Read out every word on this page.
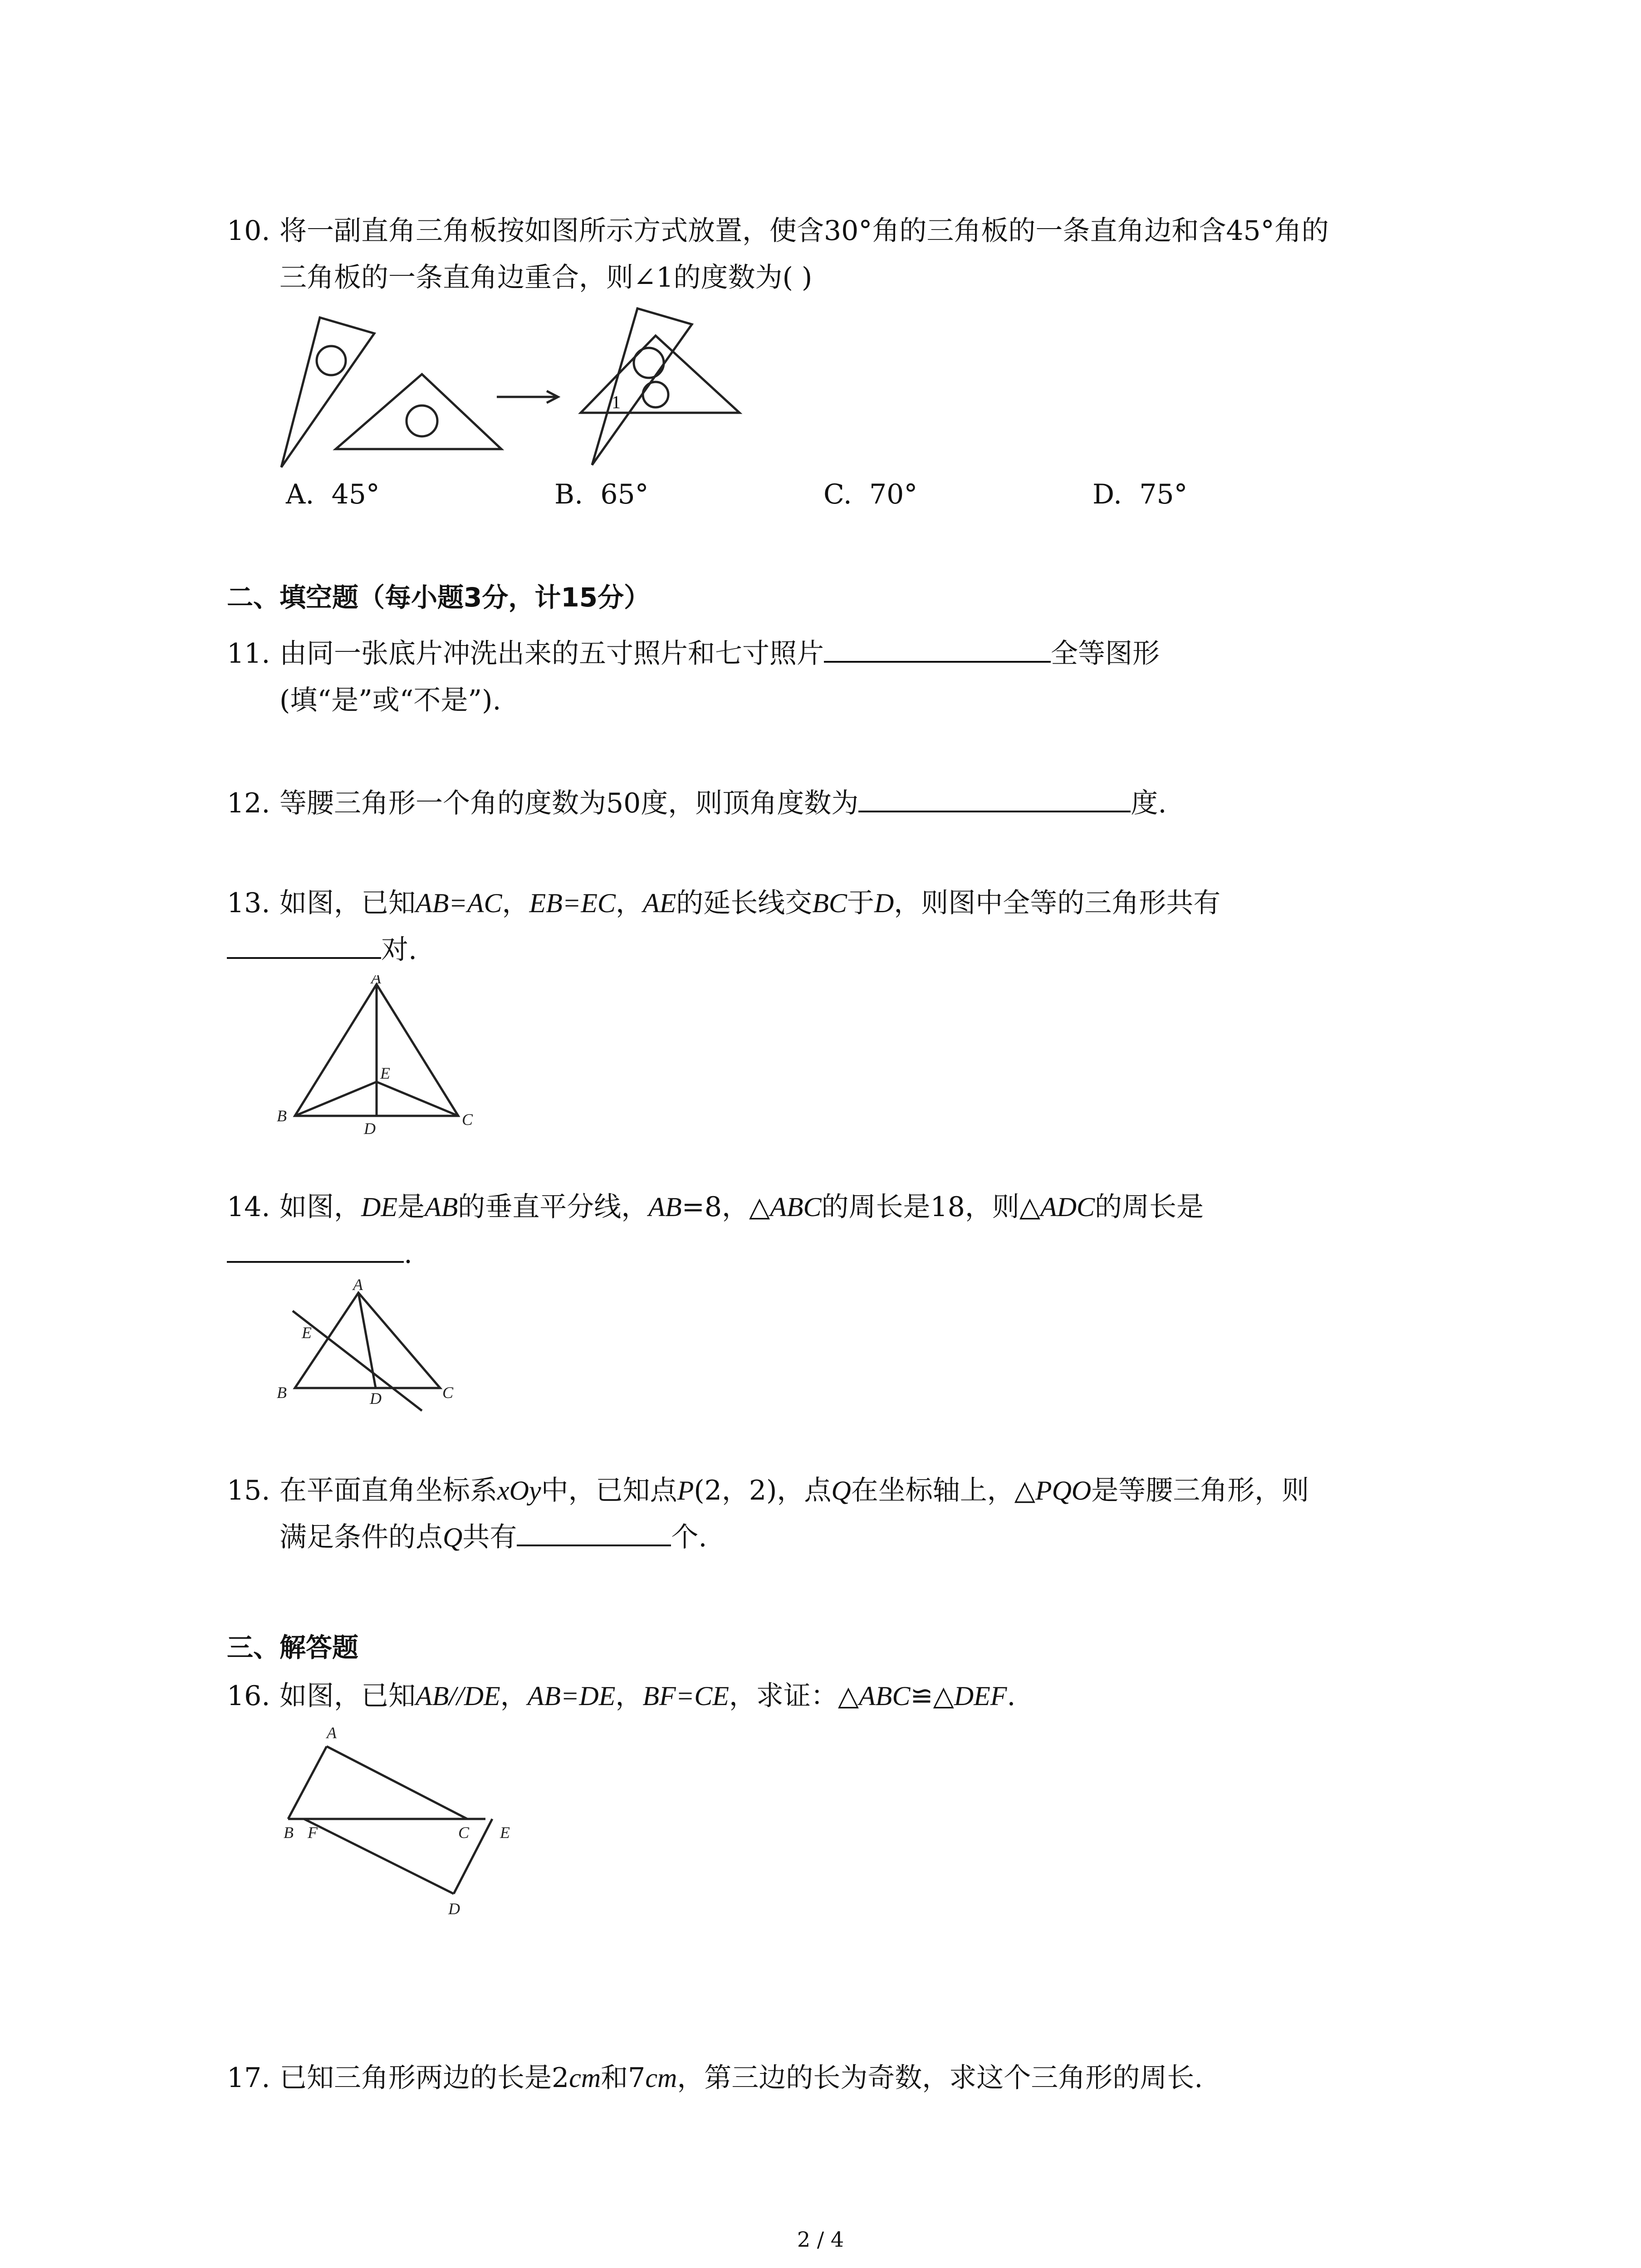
10. 将一副直角三角板按如图所示方式放置，使含30°角的三角板的一条直角边和含45°角的
三角板的一条直角边重合，则∠1的度数为( )
1
A. 45°	B. 65°	C. 70°	D. 75°
二、填空题（每小题3分，计15分）
11. 由同一张底片冲洗出来的五寸照片和七寸照片	全等图形
(填“是”或“不是”).
12. 等腰三角形一个角的度数为50度，则顶角度数为	度.
13. 如图，已知AB=AC，EB=EC，AE的延长线交BC于D，则图中全等的三角形共有
对.
A
B	C
D
E
14. 如图，DE是AB的垂直平分线，AB=8，△ABC的周长是18，则△ADC的周长是
.
A
B	C
D
E
15. 在平面直角坐标系xOy中，已知点P(2，2)，点Q在坐标轴上，△PQO是等腰三角形，则
满足条件的点Q共有	个.
三、解答题
16. 如图，已知AB//DE，AB=DE，BF=CE，求证：△ABC≌△DEF.
A
B F	C E
D
17. 已知三角形两边的长是2cm和7cm，第三边的长为奇数，求这个三角形的周长.
2 / 4
